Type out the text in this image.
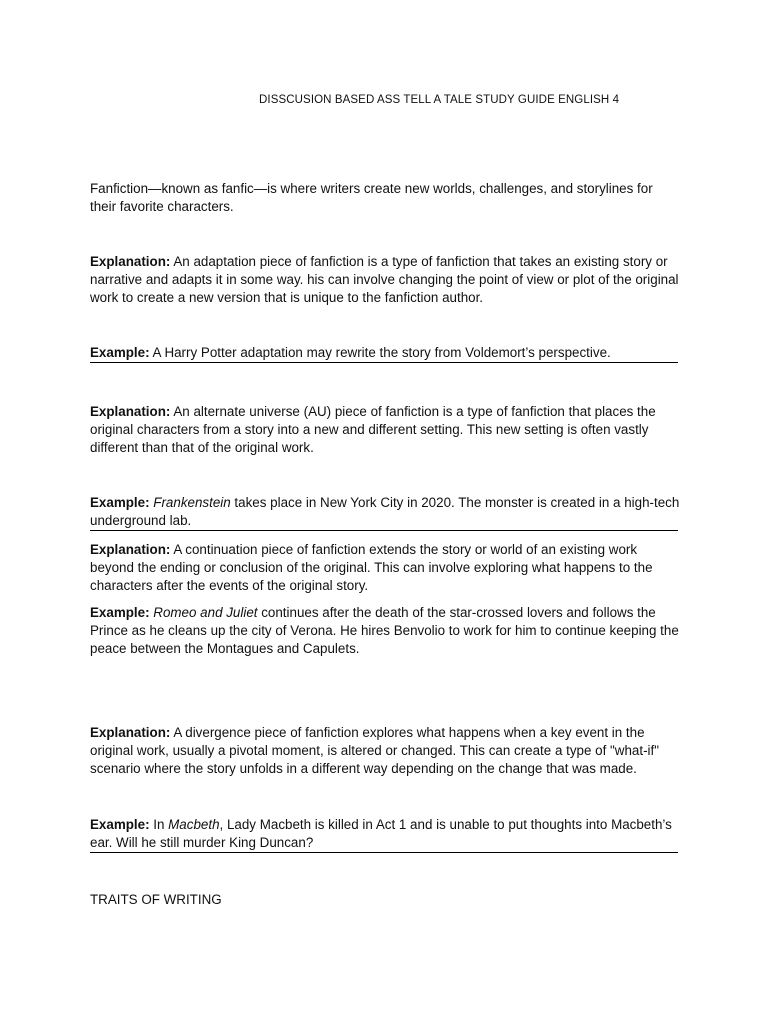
DISSCUSION BASED ASS TELL A TALE STUDY GUIDE ENGLISH 4
Fanfiction—known as fanfic—is where writers create new worlds, challenges, and storylines for their favorite characters.
Explanation: An adaptation piece of fanfiction is a type of fanfiction that takes an existing story or narrative and adapts it in some way. his can involve changing the point of view or plot of the original work to create a new version that is unique to the fanfiction author.
Example: A Harry Potter adaptation may rewrite the story from Voldemort’s perspective.
Explanation: An alternate universe (AU) piece of fanfiction is a type of fanfiction that places the original characters from a story into a new and different setting. This new setting is often vastly different than that of the original work.
Example: Frankenstein takes place in New York City in 2020. The monster is created in a high-tech underground lab.
Explanation: A continuation piece of fanfiction extends the story or world of an existing work beyond the ending or conclusion of the original. This can involve exploring what happens to the characters after the events of the original story.
Example: Romeo and Juliet continues after the death of the star-crossed lovers and follows the Prince as he cleans up the city of Verona. He hires Benvolio to work for him to continue keeping the peace between the Montagues and Capulets.
Explanation: A divergence piece of fanfiction explores what happens when a key event in the original work, usually a pivotal moment, is altered or changed. This can create a type of "what-if" scenario where the story unfolds in a different way depending on the change that was made.
Example: In Macbeth, Lady Macbeth is killed in Act 1 and is unable to put thoughts into Macbeth’s ear. Will he still murder King Duncan?
TRAITS OF WRITING
